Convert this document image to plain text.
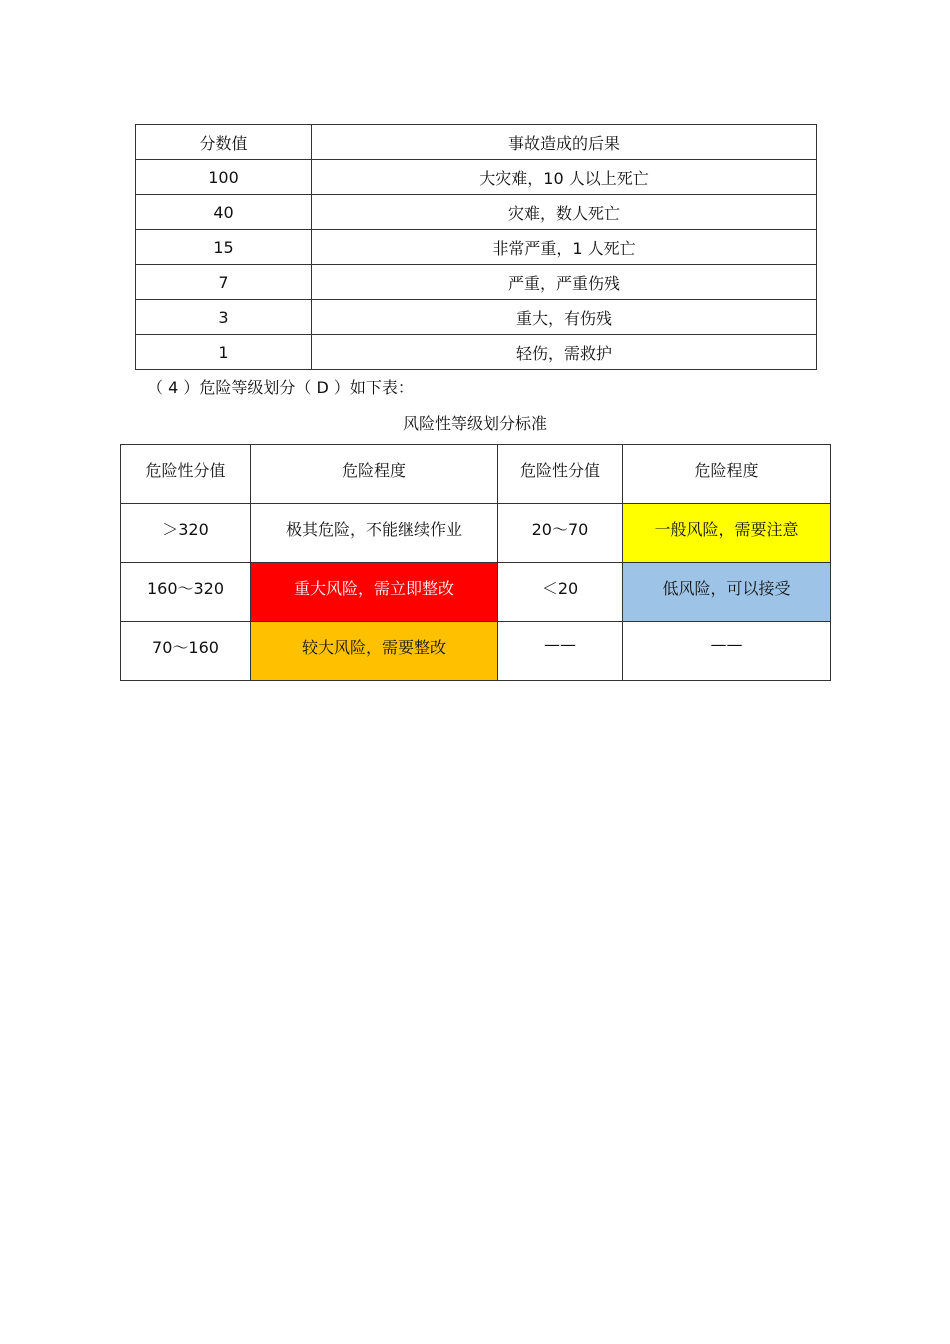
分数值	事故造成的后果
100	大灾难，10 人以上死亡
40	灾难，数人死亡
15	非常严重，1 人死亡
7	严重，严重伤残
3	重大，有伤残
1	轻伤，需救护
（ 4 ）危险等级划分（ D ）如下表：
风险性等级划分标准
危险性分值	危险程度	危险性分值	危险程度
＞320	极其危险，不能继续作业	20～70	一般风险，需要注意
160～320	重大风险，需立即整改	＜20	低风险，可以接受
70～160	较大风险，需要整改	——	——
